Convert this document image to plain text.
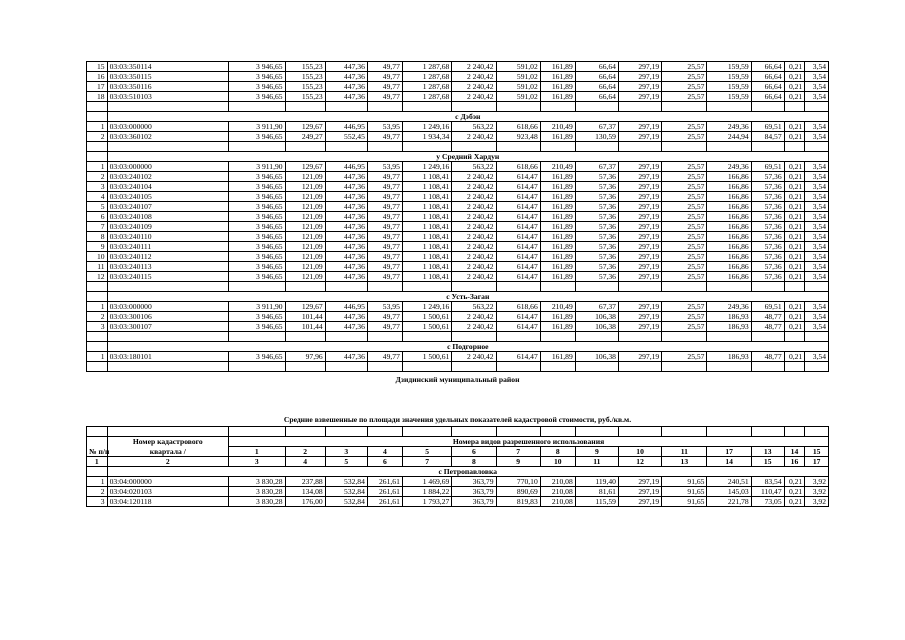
15	03:03:350114	3 946,65	155,23	447,36	49,77	1 287,68	2 240,42	591,02	161,89	66,64	297,19	25,57	159,59	66,64	0,21	3,54
16	03:03:350115	3 946,65	155,23	447,36	49,77	1 287,68	2 240,42	591,02	161,89	66,64	297,19	25,57	159,59	66,64	0,21	3,54
17	03:03:350116	3 946,65	155,23	447,36	49,77	1 287,68	2 240,42	591,02	161,89	66,64	297,19	25,57	159,59	66,64	0,21	3,54
18	03:03:510103	3 946,65	155,23	447,36	49,77	1 287,68	2 240,42	591,02	161,89	66,64	297,19	25,57	159,59	66,64	0,21	3,54

	с Дэбэн															
1	03:03:000000	3 911,90	129,67	446,95	53,95	1 249,16	563,22	618,66	210,49	67,37	297,19	25,57	249,36	69,51	0,21	3,54
2	03:03:360102	3 946,65	249,27	552,45	49,77	1 934,34	2 240,42	923,48	161,89	130,59	297,19	25,57	244,94	84,57	0,21	3,54

	у Средний Хардун															
1	03:03:000000	3 911,90	129,67	446,95	53,95	1 249,16	563,22	618,66	210,49	67,37	297,19	25,57	249,36	69,51	0,21	3,54
2	03:03:240102	3 946,65	121,09	447,36	49,77	1 108,41	2 240,42	614,47	161,89	57,36	297,19	25,57	166,86	57,36	0,21	3,54
3	03:03:240104	3 946,65	121,09	447,36	49,77	1 108,41	2 240,42	614,47	161,89	57,36	297,19	25,57	166,86	57,36	0,21	3,54
4	03:03:240105	3 946,65	121,09	447,36	49,77	1 108,41	2 240,42	614,47	161,89	57,36	297,19	25,57	166,86	57,36	0,21	3,54
5	03:03:240107	3 946,65	121,09	447,36	49,77	1 108,41	2 240,42	614,47	161,89	57,36	297,19	25,57	166,86	57,36	0,21	3,54
6	03:03:240108	3 946,65	121,09	447,36	49,77	1 108,41	2 240,42	614,47	161,89	57,36	297,19	25,57	166,86	57,36	0,21	3,54
7	03:03:240109	3 946,65	121,09	447,36	49,77	1 108,41	2 240,42	614,47	161,89	57,36	297,19	25,57	166,86	57,36	0,21	3,54
8	03:03:240110	3 946,65	121,09	447,36	49,77	1 108,41	2 240,42	614,47	161,89	57,36	297,19	25,57	166,86	57,36	0,21	3,54
9	03:03:240111	3 946,65	121,09	447,36	49,77	1 108,41	2 240,42	614,47	161,89	57,36	297,19	25,57	166,86	57,36	0,21	3,54
10	03:03:240112	3 946,65	121,09	447,36	49,77	1 108,41	2 240,42	614,47	161,89	57,36	297,19	25,57	166,86	57,36	0,21	3,54
11	03:03:240113	3 946,65	121,09	447,36	49,77	1 108,41	2 240,42	614,47	161,89	57,36	297,19	25,57	166,86	57,36	0,21	3,54
12	03:03:240115	3 946,65	121,09	447,36	49,77	1 108,41	2 240,42	614,47	161,89	57,36	297,19	25,57	166,86	57,36	0,21	3,54

	с Усть-Заган															
1	03:03:000000	3 911,90	129,67	446,95	53,95	1 249,16	563,22	618,66	210,49	67,37	297,19	25,57	249,36	69,51	0,21	3,54
2	03:03:300106	3 946,65	101,44	447,36	49,77	1 500,61	2 240,42	614,47	161,89	106,38	297,19	25,57	186,93	48,77	0,21	3,54
3	03:03:300107	3 946,65	101,44	447,36	49,77	1 500,61	2 240,42	614,47	161,89	106,38	297,19	25,57	186,93	48,77	0,21	3,54

	с Подгорное															
1	03:03:180101	3 946,65	97,96	447,36	49,77	1 500,61	2 240,42	614,47	161,89	106,38	297,19	25,57	186,93	48,77	0,21	3,54

Дзидинский муниципальный район																

Средние взвешенные по площади значения удельных показателей кадастровой стоимости, руб./кв.м.																

	Номер кадастрового	Номера видов разрешенного использования														
№ п/п	квартала /	1	2	3	4	5	6	7	8	9	10	11	17	13	14	15
1	2	3	4	5	6	7	8	9	10	11	12	13	14	15	16	17
	с Петропавловка															
1	03:04:000000	3 830,28	237,88	532,84	261,61	1 469,69	363,79	770,10	210,08	119,40	297,19	91,65	240,51	83,54	0,21	3,92
2	03:04:020103	3 830,28	134,08	532,84	261,61	1 884,22	363,79	890,69	210,08	81,61	297,19	91,65	145,03	110,47	0,21	3,92
3	03:04:120118	3 830,28	176,00	532,84	261,61	1 793,27	363,79	819,83	210,08	115,59	297,19	91,65	221,78	73,05	0,21	3,92
